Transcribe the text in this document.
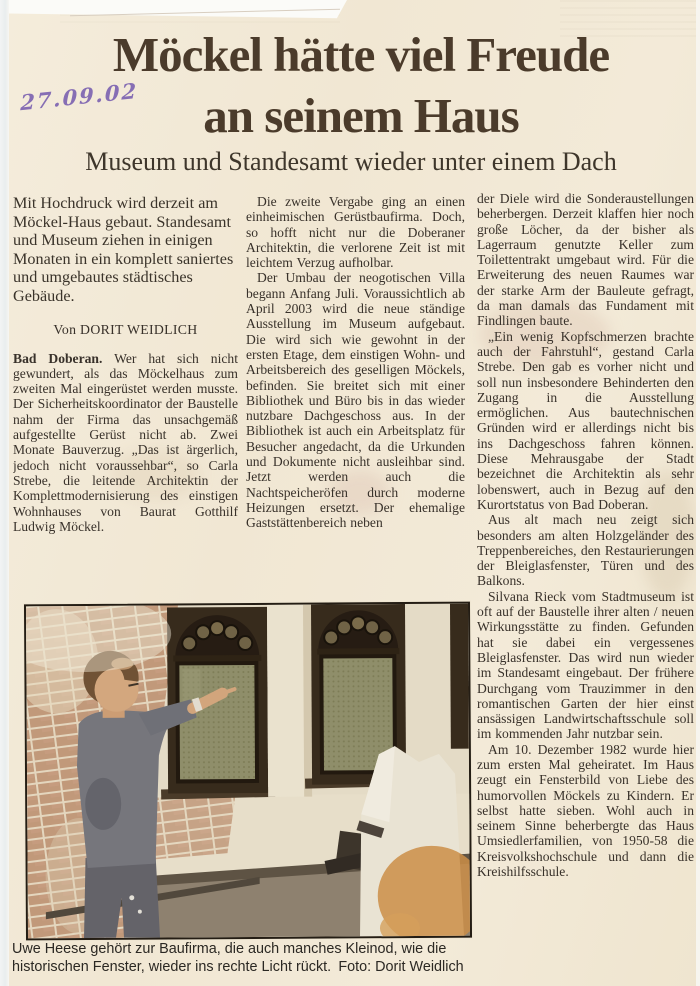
27.09.02
Möckel hätte viel Freude
an seinem Haus
Museum und Standesamt wieder unter einem Dach

Mit Hochdruck wird derzeit am Möckel-Haus gebaut. Standesamt und Museum ziehen in einigen Monaten in ein komplett saniertes und umgebautes städtisches Gebäude.

Von DORIT WEIDLICH

Bad Doberan. Wer hat sich nicht gewundert, als das Möckelhaus zum zweiten Mal eingerüstet werden musste. Der Sicherheitskoordinator der Baustelle nahm der Firma das unsachgemäß aufgestellte Gerüst nicht ab. Zwei Monate Bauverzug. „Das ist ärgerlich, jedoch nicht voraussehbar“, so Carla Strebe, die leitende Architektin der Komplettmodernisierung des einstigen Wohnhauses von Baurat Gotthilf Ludwig Möckel.

Die zweite Vergabe ging an einen einheimischen Gerüstbaufirma. Doch, so hofft nicht nur die Doberaner Architektin, die verlorene Zeit ist mit leichtem Verzug aufholbar.

Der Umbau der neogotischen Villa begann Anfang Juli. Voraussichtlich ab April 2003 wird die neue ständige Ausstellung im Museum aufgebaut. Die wird sich wie gewohnt in der ersten Etage, dem einstigen Wohn- und Arbeitsbereich des geselligen Möckels, befinden. Sie breitet sich mit einer Bibliothek und Büro bis in das wieder nutzbare Dachgeschoss aus. In der Bibliothek ist auch ein Arbeitsplatz für Besucher angedacht, da die Urkunden und Dokumente nicht ausleihbar sind. Jetzt werden auch die Nachtspeicheröfen durch moderne Heizungen ersetzt. Der ehemalige Gaststättenbereich neben

der Diele wird die Sonderaustellungen beherbergen. Derzeit klaffen hier noch große Löcher, da der bisher als Lagerraum genutzte Keller zum Toilettentrakt umgebaut wird. Für die Erweiterung des neuen Raumes war der starke Arm der Bauleute gefragt, da man damals das Fundament mit Findlingen baute.

„Ein wenig Kopfschmerzen brachte auch der Fahrstuhl“, gestand Carla Strebe. Den gab es vorher nicht und soll nun insbesondere Behinderten den Zugang in die Ausstellung ermöglichen. Aus bautechnischen Gründen wird er allerdings nicht bis ins Dachgeschoss fahren können. Diese Mehrausgabe der Stadt bezeichnet die Architektin als sehr lobenswert, auch in Bezug auf den Kurortstatus von Bad Doberan.

Aus alt mach neu zeigt sich besonders am alten Holzgeländer des Treppenbereiches, den Restaurierungen der Bleiglasfenster, Türen und des Balkons.

Silvana Rieck vom Stadtmuseum ist oft auf der Baustelle ihrer alten / neuen Wirkungsstätte zu finden. Gefunden hat sie dabei ein vergessenes Bleiglasfenster. Das wird nun wieder im Standesamt eingebaut. Der frühere Durchgang vom Trauzimmer in den romantischen Garten der hier einst ansässigen Landwirtschaftsschule soll im kommenden Jahr nutzbar sein.

Am 10. Dezember 1982 wurde hier zum ersten Mal geheiratet. Im Haus zeugt ein Fensterbild von Liebe des humorvollen Möckels zu Kindern. Er selbst hatte sieben. Wohl auch in seinem Sinne beherbergte das Haus Umsiedlerfamilien, von 1950-58 die Kreisvolkshochschule und dann die Kreishilfsschule.

Uwe Heese gehört zur Baufirma, die auch manches Kleinod, wie die historischen Fenster, wieder ins rechte Licht rückt.  Foto: Dorit Weidlich
